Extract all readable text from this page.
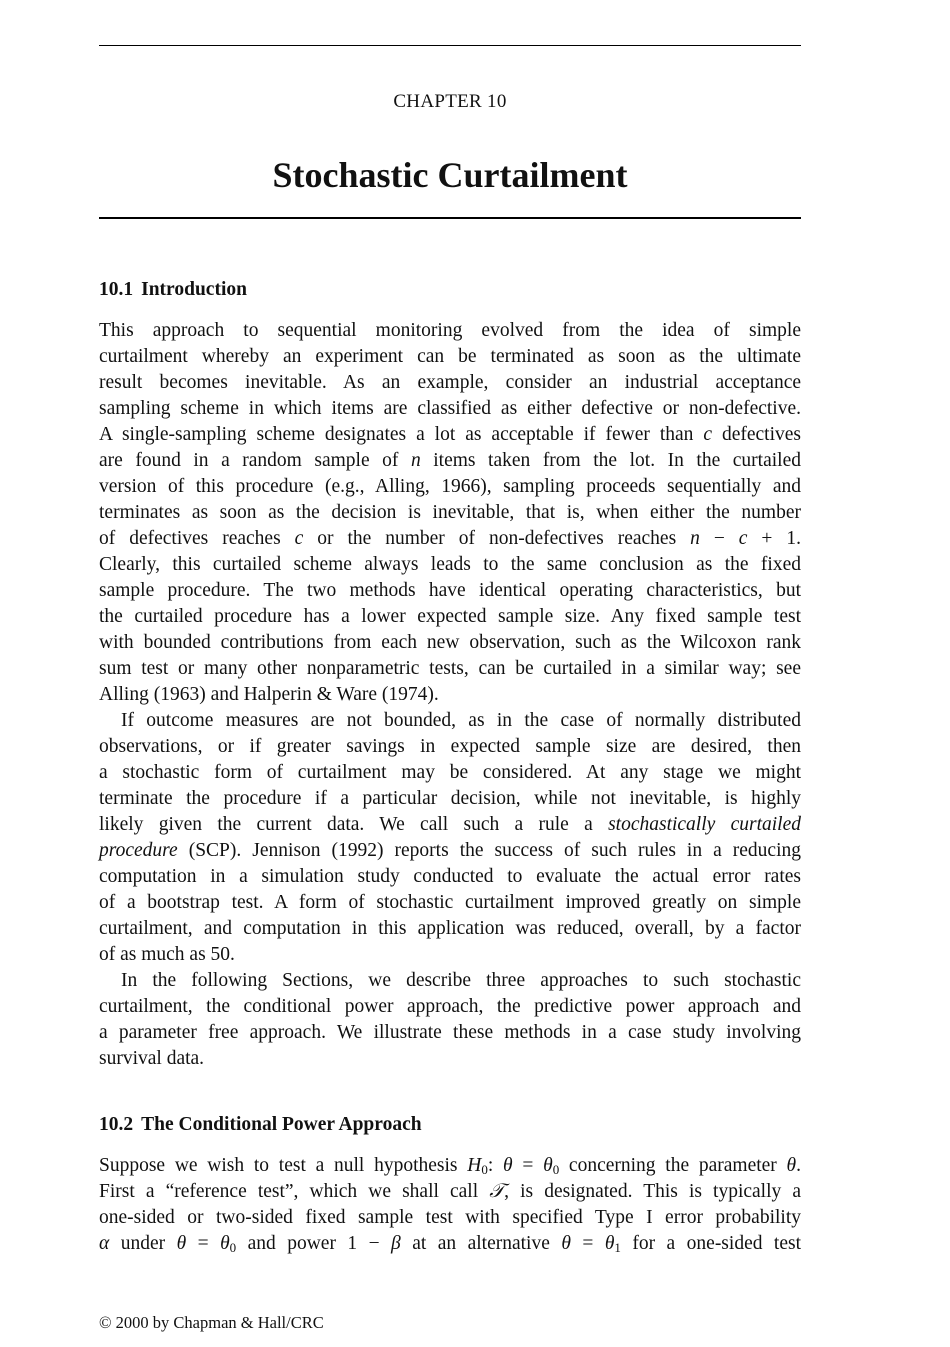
CHAPTER 10
Stochastic Curtailment
10.1 Introduction
This approach to sequential monitoring evolved from the idea of simple
curtailment whereby an experiment can be terminated as soon as the ultimate
result becomes inevitable. As an example, consider an industrial acceptance
sampling scheme in which items are classified as either defective or non-defective.
A single-sampling scheme designates a lot as acceptable if fewer than c defectives
are found in a random sample of n items taken from the lot. In the curtailed
version of this procedure (e.g., Alling, 1966), sampling proceeds sequentially and
terminates as soon as the decision is inevitable, that is, when either the number
of defectives reaches c or the number of non-defectives reaches n − c + 1.
Clearly, this curtailed scheme always leads to the same conclusion as the fixed
sample procedure. The two methods have identical operating characteristics, but
the curtailed procedure has a lower expected sample size. Any fixed sample test
with bounded contributions from each new observation, such as the Wilcoxon rank
sum test or many other nonparametric tests, can be curtailed in a similar way; see
Alling (1963) and Halperin & Ware (1974).
If outcome measures are not bounded, as in the case of normally distributed
observations, or if greater savings in expected sample size are desired, then
a stochastic form of curtailment may be considered. At any stage we might
terminate the procedure if a particular decision, while not inevitable, is highly
likely given the current data. We call such a rule a stochastically curtailed
procedure (SCP). Jennison (1992) reports the success of such rules in a reducing
computation in a simulation study conducted to evaluate the actual error rates
of a bootstrap test. A form of stochastic curtailment improved greatly on simple
curtailment, and computation in this application was reduced, overall, by a factor
of as much as 50.
In the following Sections, we describe three approaches to such stochastic
curtailment, the conditional power approach, the predictive power approach and
a parameter free approach. We illustrate these methods in a case study involving
survival data.
10.2 The Conditional Power Approach
Suppose we wish to test a null hypothesis $H_0$: $\theta = \theta_0$ concerning the parameter θ.
First a “reference test”, which we shall call 𝒯, is designated. This is typically a
one-sided or two-sided fixed sample test with specified Type I error probability
α under $\theta = \theta_0$ and power 1 − β at an alternative $\theta = \theta_1$ for a one-sided test
© 2000 by Chapman & Hall/CRC
